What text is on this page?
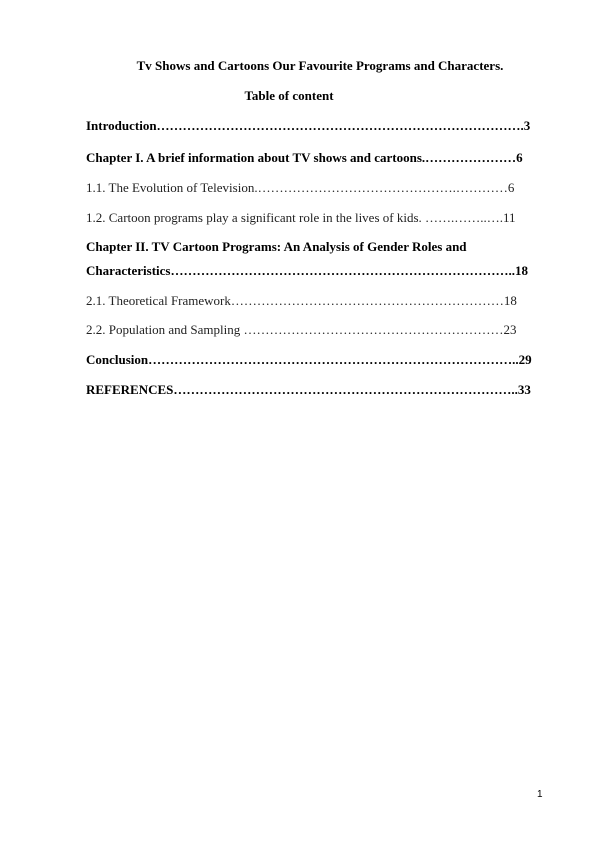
Tv Shows and Cartoons Our Favourite Programs and Characters.
Table of content
Introduction………………………………………………………………………….3
Chapter I. A brief information about TV shows and cartoons.…………………6
1.1. The Evolution of Television.……………………………………….…………6
1.2. Cartoon programs play a significant role in the lives of kids. …….……..….11
Chapter II. TV Cartoon Programs: An Analysis of Gender Roles and
Characteristics……………………………………………………………………..18
2.1. Theoretical Framework………………………………………………………18
2.2. Population and Sampling ……………………………………………………23
Conclusion…………………………………………………………………………..29
REFERENCES……………………………………………………………………..33
1
